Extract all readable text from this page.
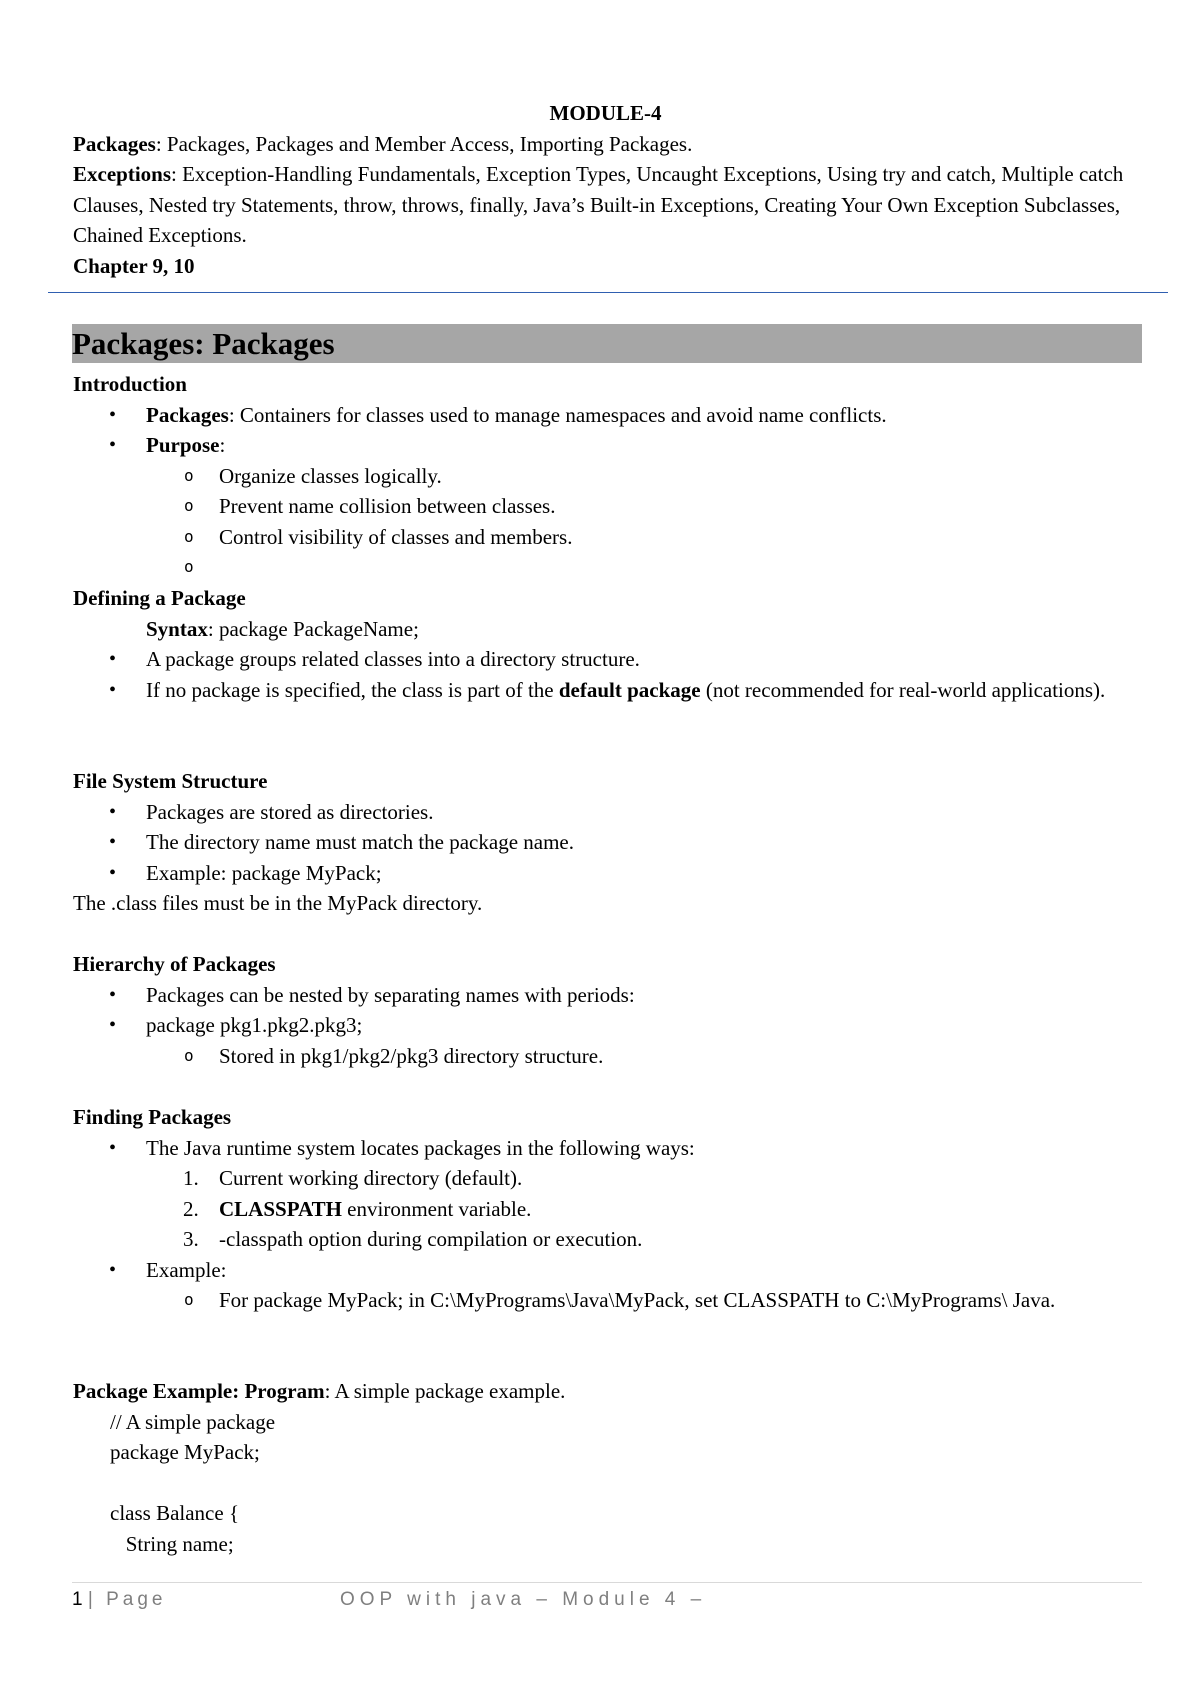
MODULE-4

Packages: Packages, Packages and Member Access, Importing Packages.

Exceptions: Exception-Handling Fundamentals, Exception Types, Uncaught Exceptions, Using try and catch, Multiple catch Clauses, Nested try Statements, throw, throws, finally, Java’s Built-in Exceptions, Creating Your Own Exception Subclasses, Chained Exceptions.

Chapter 9, 10

Packages: Packages

Introduction

• Packages: Containers for classes used to manage namespaces and avoid name conflicts.

• Purpose:

o Organize classes logically.

o Prevent name collision between classes.

o Control visibility of classes and members.

o

Defining a Package

Syntax: package PackageName;

• A package groups related classes into a directory structure.

• If no package is specified, the class is part of the default package (not recommended for real-world applications).

File System Structure

• Packages are stored as directories.

• The directory name must match the package name.

• Example: package MyPack;

The .class files must be in the MyPack directory.

Hierarchy of Packages

• Packages can be nested by separating names with periods:

• package pkg1.pkg2.pkg3;

o Stored in pkg1/pkg2/pkg3 directory structure.

Finding Packages

• The Java runtime system locates packages in the following ways:

1. Current working directory (default).

2. CLASSPATH environment variable.

3. -classpath option during compilation or execution.

• Example:

o For package MyPack; in C:\MyPrograms\Java\MyPack, set CLASSPATH to C:\MyPrograms\ Java.

Package Example: Program: A simple package example.

// A simple package

package MyPack;

class Balance {

String name;

1 | Page	OOP with java – Module 4 –
